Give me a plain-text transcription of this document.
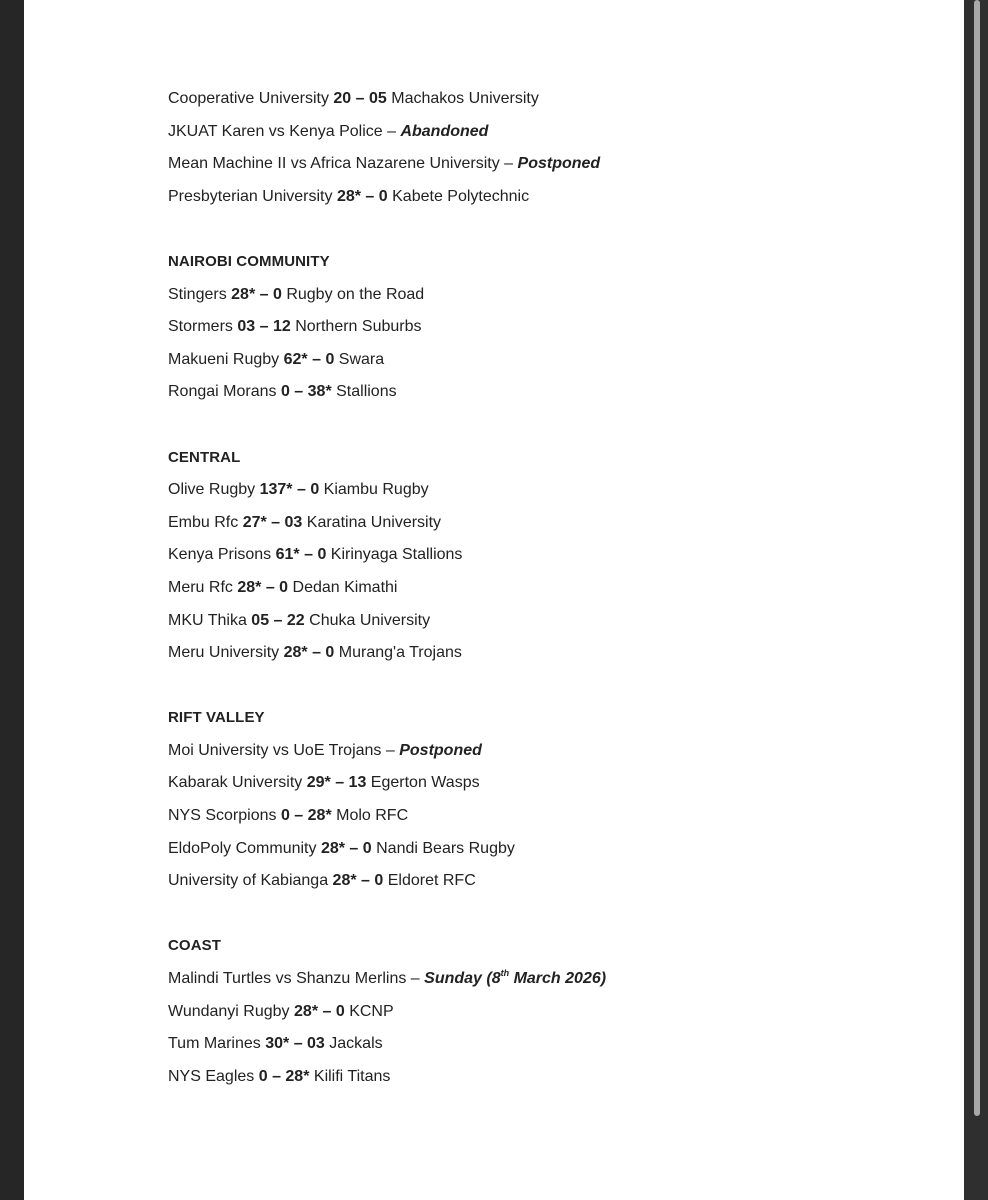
Cooperative University 20 – 05 Machakos University
JKUAT Karen vs Kenya Police – Abandoned
Mean Machine II vs Africa Nazarene University – Postponed
Presbyterian University 28* – 0 Kabete Polytechnic
NAIROBI COMMUNITY
Stingers 28* – 0 Rugby on the Road
Stormers 03 – 12 Northern Suburbs
Makueni Rugby 62* – 0 Swara
Rongai Morans 0 – 38* Stallions
CENTRAL
Olive Rugby 137* – 0 Kiambu Rugby
Embu Rfc 27* – 03 Karatina University
Kenya Prisons 61* – 0 Kirinyaga Stallions
Meru Rfc 28* – 0 Dedan Kimathi
MKU Thika 05 – 22 Chuka University
Meru University 28* – 0 Murang'a Trojans
RIFT VALLEY
Moi University vs UoE Trojans – Postponed
Kabarak University 29* – 13 Egerton Wasps
NYS Scorpions 0 – 28* Molo RFC
EldoPoly Community 28* – 0 Nandi Bears Rugby
University of Kabianga 28* – 0 Eldoret RFC
COAST
Malindi Turtles vs Shanzu Merlins – Sunday (8th March 2026)
Wundanyi Rugby 28* – 0 KCNP
Tum Marines 30* – 03 Jackals
NYS Eagles 0 – 28* Kilifi Titans
